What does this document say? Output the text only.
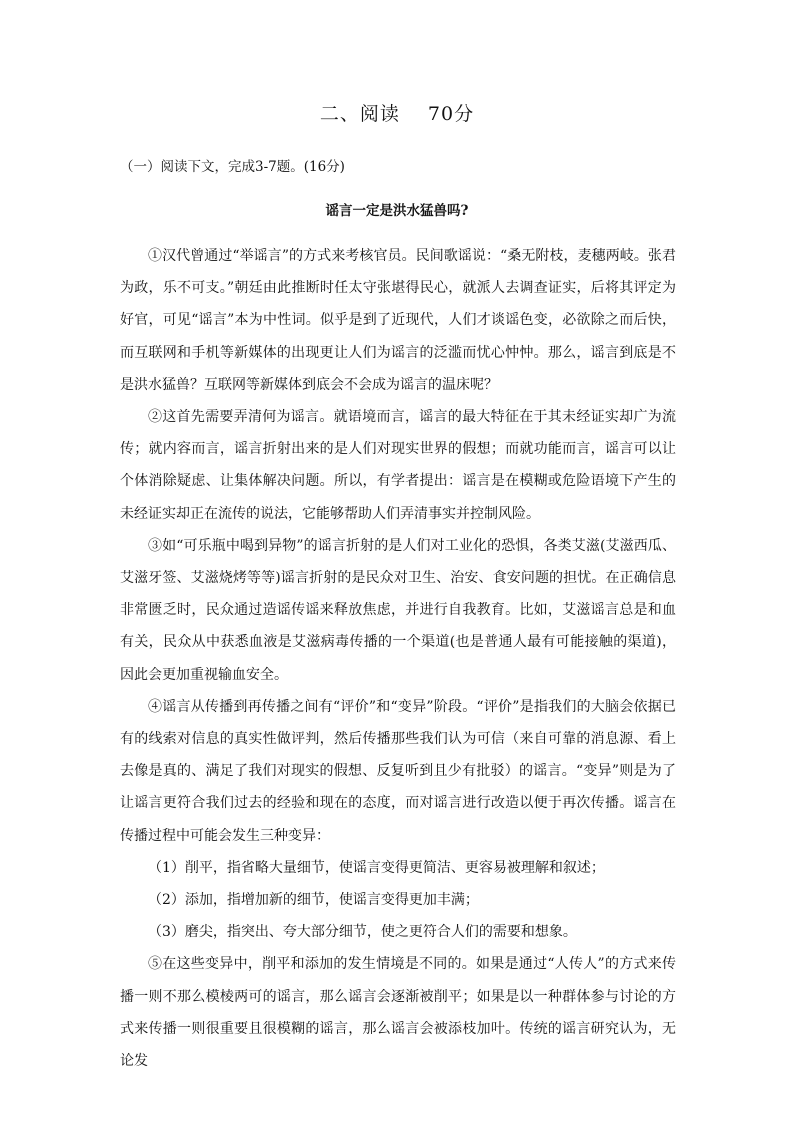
二、阅读 70分
（一）阅读下文，完成3-7题。(16分)
谣言一定是洪水猛兽吗?

①汉代曾通过“举谣言”的方式来考核官员。民间歌谣说：“桑无附枝，麦穗两岐。张君为政，乐不可支。”朝廷由此推断时任太守张堪得民心，就派人去调查证实，后将其评定为好官，可见“谣言”本为中性词。似乎是到了近现代，人们才谈谣色变，必欲除之而后快，而互联网和手机等新媒体的出现更让人们为谣言的泛滥而忧心忡忡。那么，谣言到底是不是洪水猛兽？互联网等新媒体到底会不会成为谣言的温床呢？

②这首先需要弄清何为谣言。就语境而言，谣言的最大特征在于其未经证实却广为流传；就内容而言，谣言折射出来的是人们对现实世界的假想；而就功能而言，谣言可以让个体消除疑虑、让集体解决问题。所以，有学者提出：谣言是在模糊或危险语境下产生的未经证实却正在流传的说法，它能够帮助人们弄清事实并控制风险。

③如“可乐瓶中喝到异物”的谣言折射的是人们对工业化的恐惧，各类艾滋(艾滋西瓜、艾滋牙签、艾滋烧烤等等)谣言折射的是民众对卫生、治安、食安问题的担忧。在正确信息非常匮乏时，民众通过造谣传谣来释放焦虑，并进行自我教育。比如，艾滋谣言总是和血有关，民众从中获悉血液是艾滋病毒传播的一个渠道(也是普通人最有可能接触的渠道)，因此会更加重视输血安全。

④谣言从传播到再传播之间有“评价”和“变异”阶段。“评价”是指我们的大脑会依据已有的线索对信息的真实性做评判，然后传播那些我们认为可信（来自可靠的消息源、看上去像是真的、满足了我们对现实的假想、反复听到且少有批驳）的谣言。“变异”则是为了让谣言更符合我们过去的经验和现在的态度，而对谣言进行改造以便于再次传播。谣言在传播过程中可能会发生三种变异：

（1）削平，指省略大量细节，使谣言变得更简洁、更容易被理解和叙述；

（2）添加，指增加新的细节，使谣言变得更加丰满；

（3）磨尖，指突出、夸大部分细节，使之更符合人们的需要和想象。

⑤在这些变异中，削平和添加的发生情境是不同的。如果是通过“人传人”的方式来传播一则不那么模棱两可的谣言，那么谣言会逐渐被削平；如果是以一种群体参与讨论的方式来传播一则很重要且很模糊的谣言，那么谣言会被添枝加叶。传统的谣言研究认为，无论发
